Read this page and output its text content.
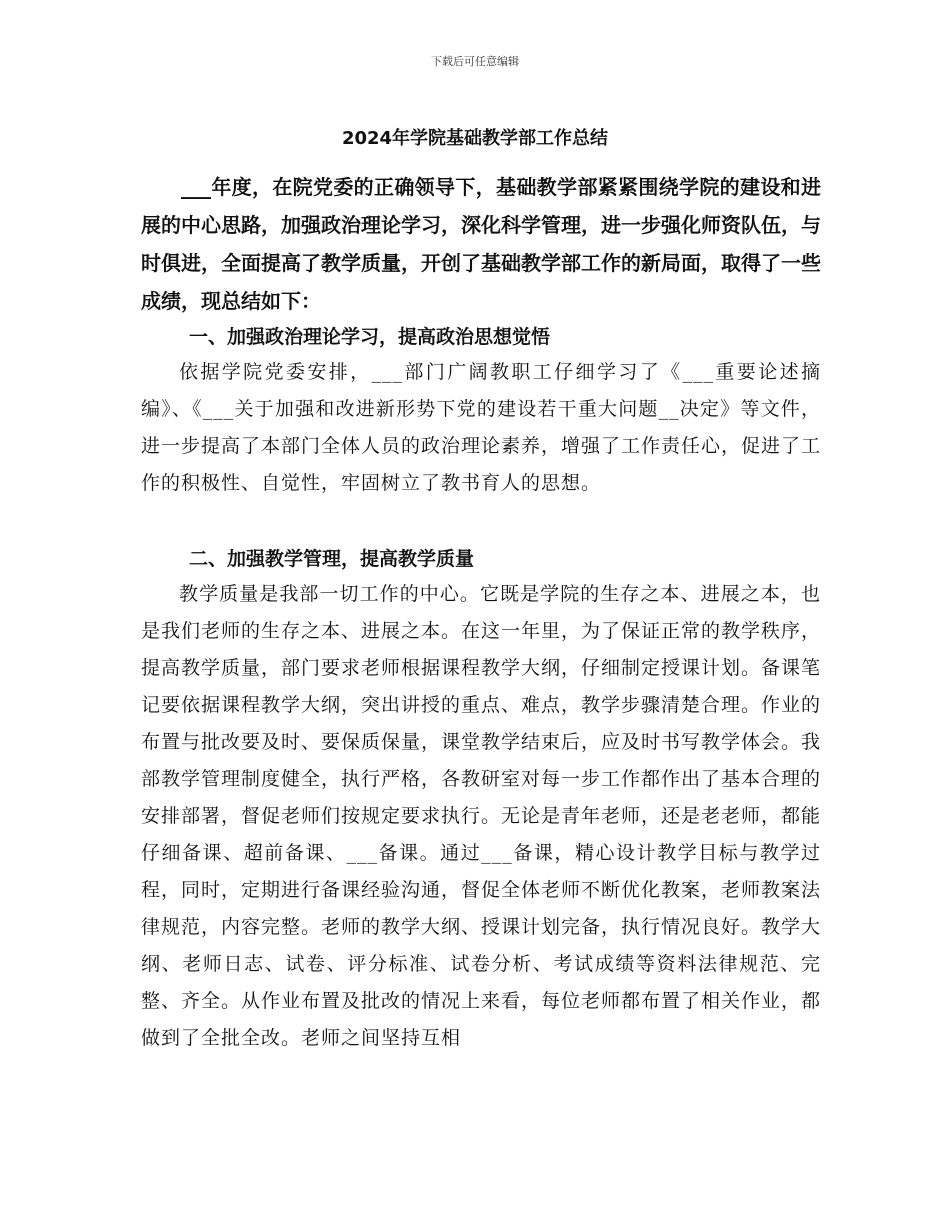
下载后可任意编辑
2024年学院基础教学部工作总结
___年度，在院党委的正确领导下，基础教学部紧紧围绕学院的建设和进展的中心思路，加强政治理论学习，深化科学管理，进一步强化师资队伍，与时俱进，全面提高了教学质量，开创了基础教学部工作的新局面，取得了一些成绩，现总结如下：
一、加强政治理论学习，提高政治思想觉悟
依据学院党委安排，___部门广阔教职工仔细学习了《___重要论述摘编》、《___关于加强和改进新形势下党的建设若干重大问题__决定》等文件，进一步提高了本部门全体人员的政治理论素养，增强了工作责任心，促进了工作的积极性、自觉性，牢固树立了教书育人的思想。
二、加强教学管理，提高教学质量
教学质量是我部一切工作的中心。它既是学院的生存之本、进展之本，也是我们老师的生存之本、进展之本。在这一年里，为了保证正常的教学秩序，提高教学质量，部门要求老师根据课程教学大纲，仔细制定授课计划。备课笔记要依据课程教学大纲，突出讲授的重点、难点，教学步骤清楚合理。作业的布置与批改要及时、要保质保量，课堂教学结束后，应及时书写教学体会。我部教学管理制度健全，执行严格，各教研室对每一步工作都作出了基本合理的安排部署，督促老师们按规定要求执行。无论是青年老师，还是老老师，都能仔细备课、超前备课、___备课。通过___备课，精心设计教学目标与教学过程，同时，定期进行备课经验沟通，督促全体老师不断优化教案，老师教案法律规范，内容完整。老师的教学大纲、授课计划完备，执行情况良好。教学大纲、老师日志、试卷、评分标准、试卷分析、考试成绩等资料法律规范、完整、齐全。从作业布置及批改的情况上来看，每位老师都布置了相关作业，都做到了全批全改。老师之间坚持互相
